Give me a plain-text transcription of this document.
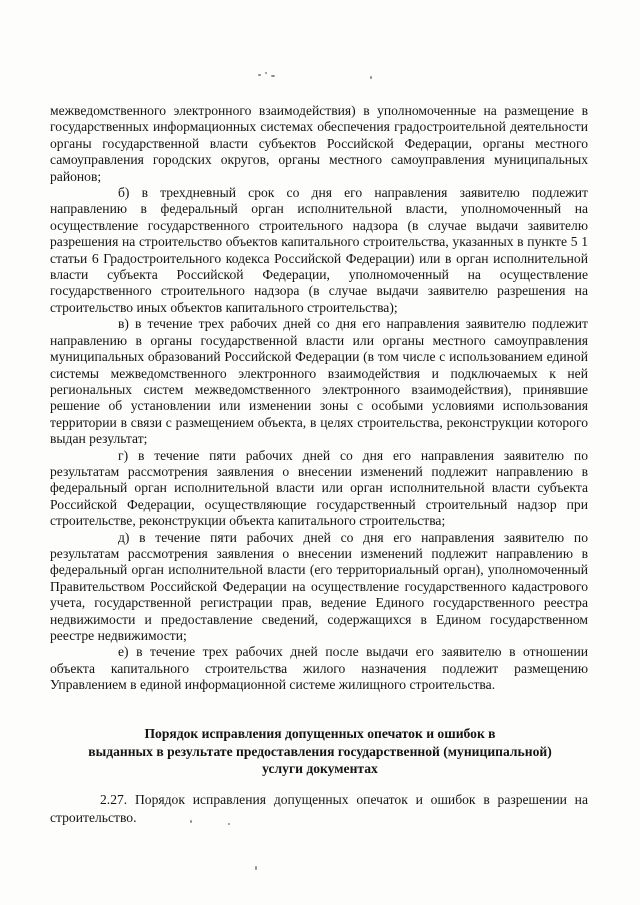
межведомственного электронного взаимодействия) в уполномоченные на размещение в государственных информационных системах обеспечения градостроительной деятельности органы государственной власти субъектов Российской Федерации, органы местного самоуправления городских округов, органы местного самоуправления муниципальных районов;

б) в трехдневный срок со дня его направления заявителю подлежит направлению в федеральный орган исполнительной власти, уполномоченный на осуществление государственного строительного надзора (в случае выдачи заявителю разрешения на строительство объектов капитального строительства, указанных в пункте 5 1 статьи 6 Градостроительного кодекса Российской Федерации) или в орган исполнительной власти субъекта Российской Федерации, уполномоченный на осуществление государственного строительного надзора (в случае выдачи заявителю разрешения на строительство иных объектов капитального строительства);

в) в течение трех рабочих дней со дня его направления заявителю подлежит направлению в органы государственной власти или органы местного самоуправления муниципальных образований Российской Федерации (в том числе с использованием единой системы межведомственного электронного взаимодействия и подключаемых к ней региональных систем межведомственного электронного взаимодействия), принявшие решение об установлении или изменении зоны с особыми условиями использования территории в связи с размещением объекта, в целях строительства, реконструкции которого выдан результат;

г) в течение пяти рабочих дней со дня его направления заявителю по результатам рассмотрения заявления о внесении изменений подлежит направлению в федеральный орган исполнительной власти или орган исполнительной власти субъекта Российской Федерации, осуществляющие государственный строительный надзор при строительстве, реконструкции объекта капитального строительства;

д) в течение пяти рабочих дней со дня его направления заявителю по результатам рассмотрения заявления о внесении изменений подлежит направлению в федеральный орган исполнительной власти (его территориальный орган), уполномоченный Правительством Российской Федерации на осуществление государственного кадастрового учета, государственной регистрации прав, ведение Единого государственного реестра недвижимости и предоставление сведений, содержащихся в Едином государственном реестре недвижимости;

е) в течение трех рабочих дней после выдачи его заявителю в отношении объекта капитального строительства жилого назначения подлежит размещению Управлением в единой информационной системе жилищного строительства.

Порядок исправления допущенных опечаток и ошибок в
выданных в результате предоставления государственной (муниципальной)
услуги документах

2.27. Порядок исправления допущенных опечаток и ошибок в разрешении на строительство.
